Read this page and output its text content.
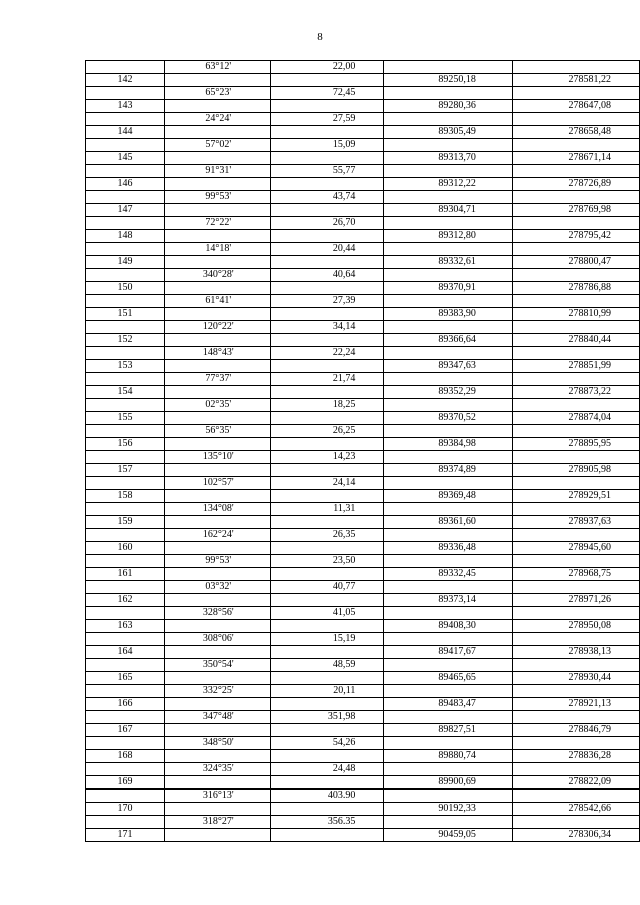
8
	63°12'	22,00		
142			89250,18	278581,22
	65°23'	72,45		
143			89280,36	278647,08
	24°24'	27,59		
144			89305,49	278658,48
	57°02'	15,09		
145			89313,70	278671,14
	91°31'	55,77		
146			89312,22	278726,89
	99°53'	43,74		
147			89304,71	278769,98
	72°22'	26,70		
148			89312,80	278795,42
	14°18'	20,44		
149			89332,61	278800,47
	340°28'	40,64		
150			89370,91	278786,88
	61°41'	27,39		
151			89383,90	278810,99
	120°22'	34,14		
152			89366,64	278840,44
	148°43'	22,24		
153			89347,63	278851,99
	77°37'	21,74		
154			89352,29	278873,22
	02°35'	18,25		
155			89370,52	278874,04
	56°35'	26,25		
156			89384,98	278895,95
	135°10'	14,23		
157			89374,89	278905,98
	102°57'	24,14		
158			89369,48	278929,51
	134°08'	11,31		
159			89361,60	278937,63
	162°24'	26,35		
160			89336,48	278945,60
	99°53'	23,50		
161			89332,45	278968,75
	03°32'	40,77		
162			89373,14	278971,26
	328°56'	41,05		
163			89408,30	278950,08
	308°06'	15,19		
164			89417,67	278938,13
	350°54'	48,59		
165			89465,65	278930,44
	332°25'	20,11		
166			89483,47	278921,13
	347°48'	351,98		
167			89827,51	278846,79
	348°50'	54,26		
168			89880,74	278836,28
	324°35'	24,48		
169			89900,69	278822,09
	316°13'	403.90		
170			90192,33	278542,66
	318°27'	356.35		
171			90459,05	278306,34
